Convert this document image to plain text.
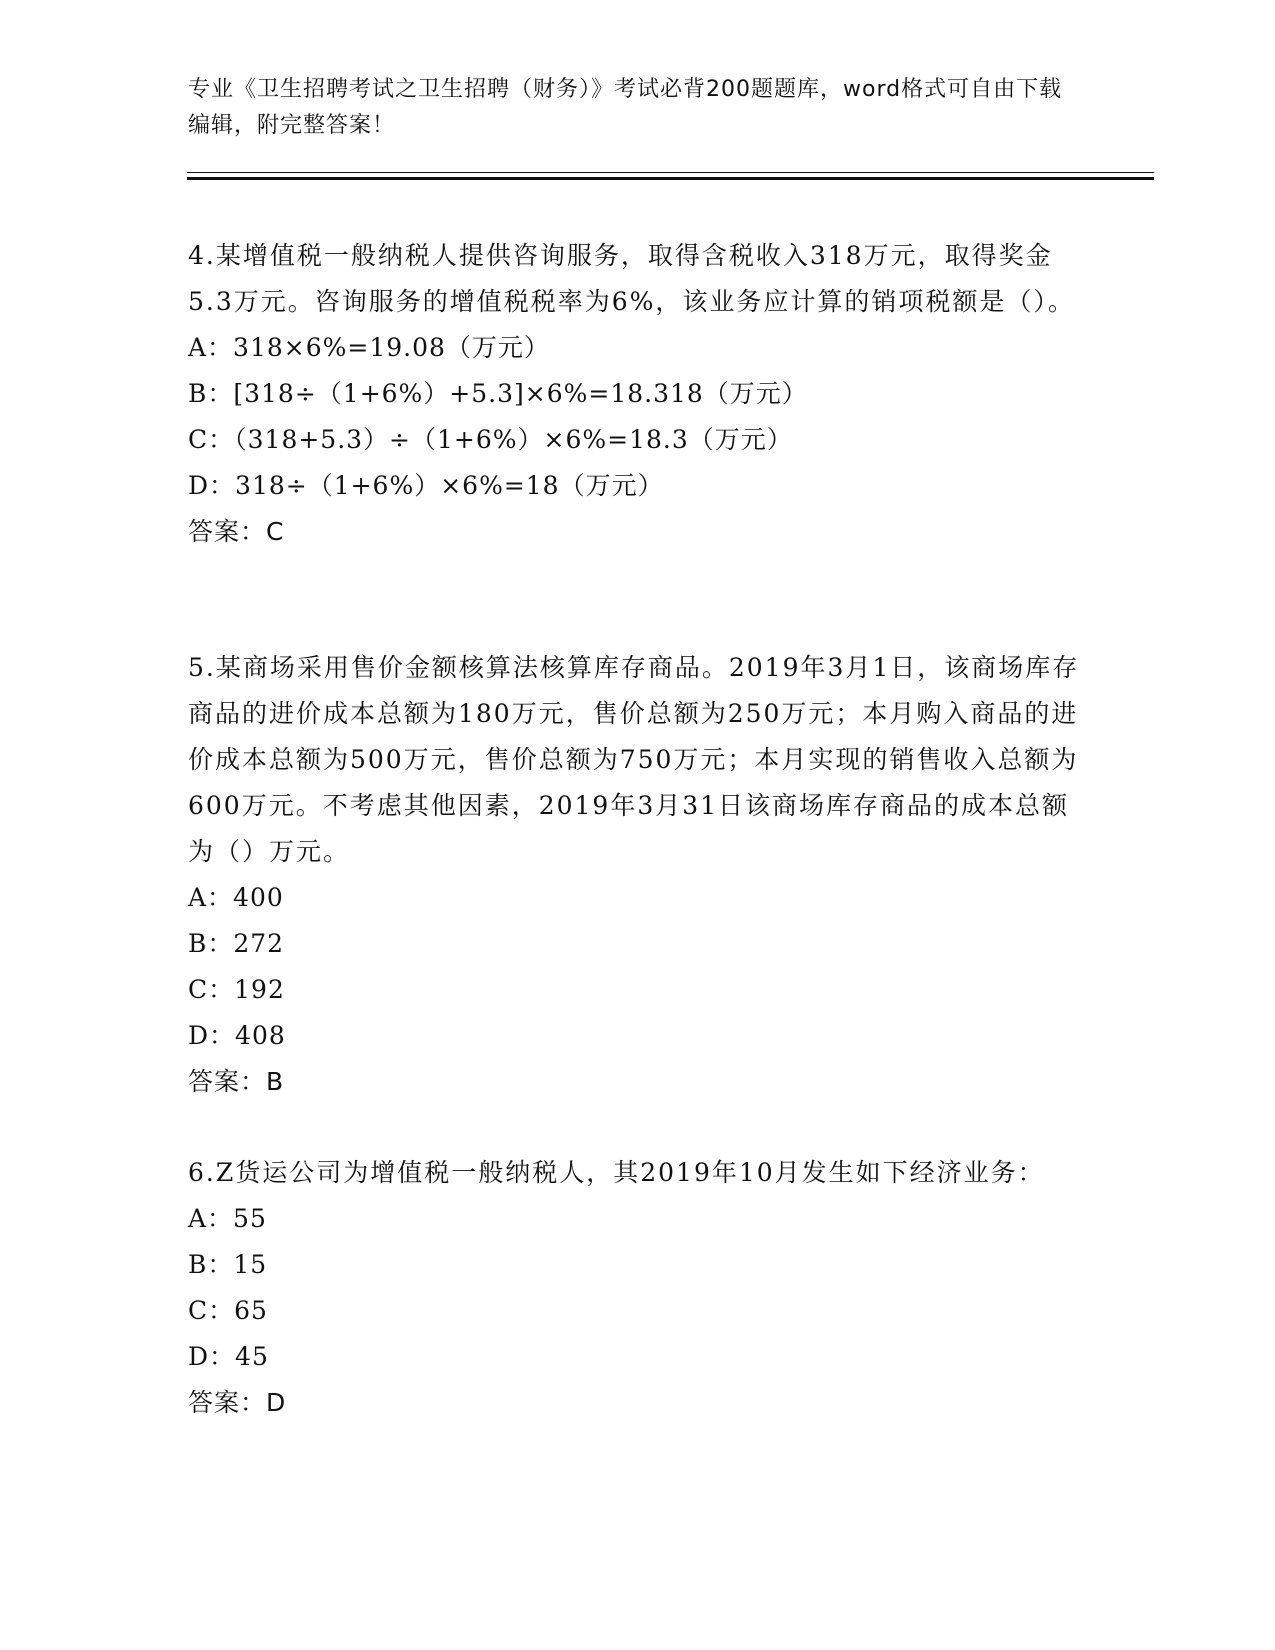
专业《卫生招聘考试之卫生招聘（财务）》考试必背200题题库，word格式可自由下载编辑，附完整答案！

4.某增值税一般纳税人提供咨询服务，取得含税收入318万元，取得奖金5.3万元。咨询服务的增值税税率为6%，该业务应计算的销项税额是（）。

A：318×6%=19.08（万元）

B：[318÷（1+6%）+5.3]×6%=18.318（万元）

C：（318+5.3）÷（1+6%）×6%=18.3（万元）

D：318÷（1+6%）×6%=18（万元）

答案：C

5.某商场采用售价金额核算法核算库存商品。2019年3月1日，该商场库存商品的进价成本总额为180万元，售价总额为250万元；本月购入商品的进价成本总额为500万元，售价总额为750万元；本月实现的销售收入总额为600万元。不考虑其他因素，2019年3月31日该商场库存商品的成本总额为（）万元。

A：400

B：272

C：192

D：408

答案：B

6.Z货运公司为增值税一般纳税人，其2019年10月发生如下经济业务：

A：55

B：15

C：65

D：45

答案：D
